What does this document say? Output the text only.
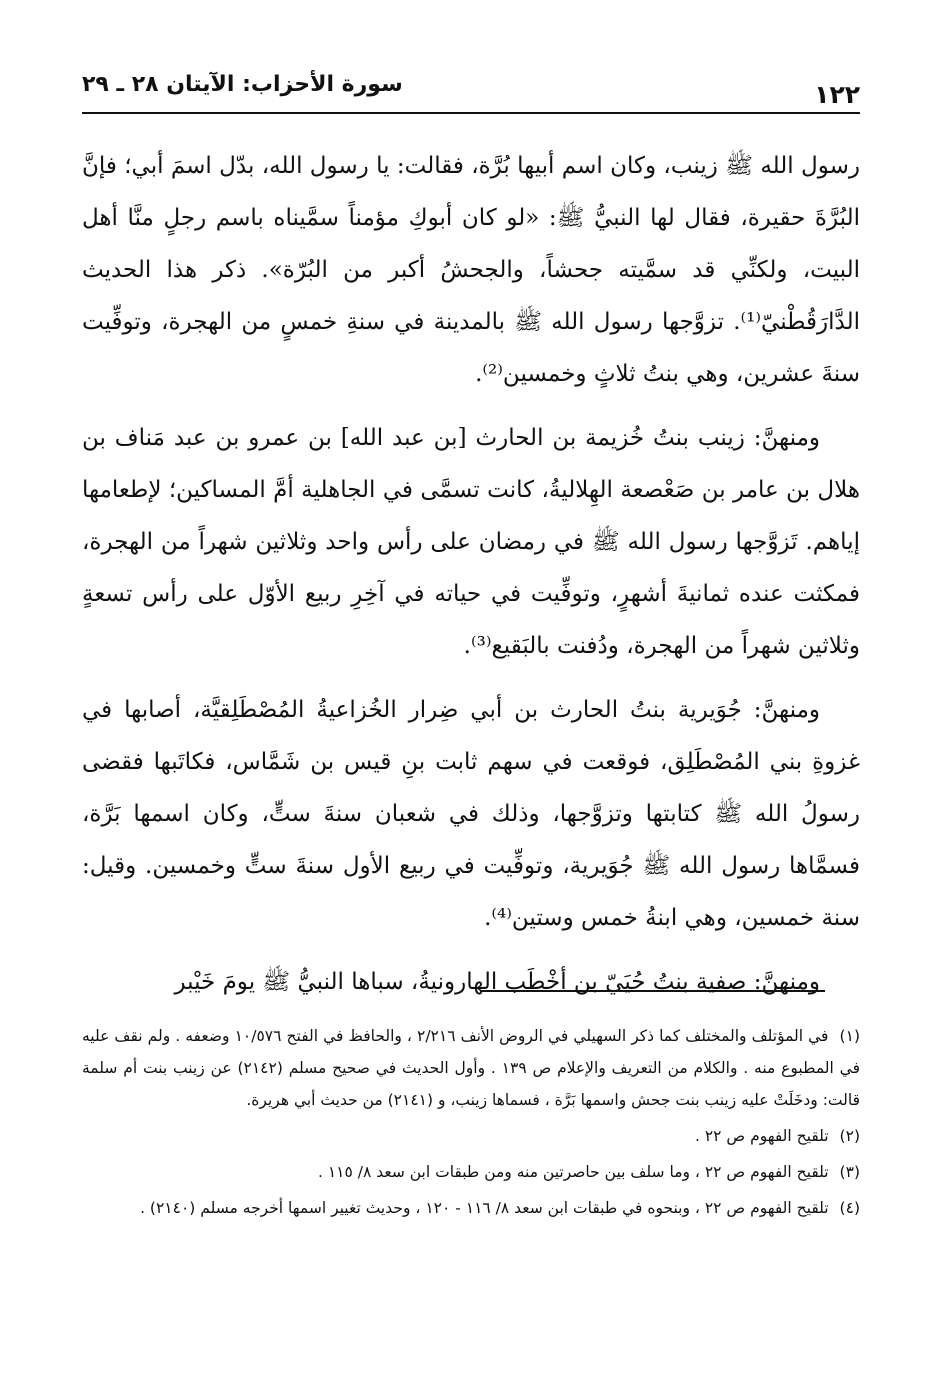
١٢٢
سورة الأحزاب: الآيتان ٢٨ ـ ٢٩

رسول الله ﷺ زينب، وكان اسم أبيها بُرَّة، فقالت: يا رسول الله، بدّل اسمَ أبي؛ فإنَّ البُرَّةَ حقيرة، فقال لها النبيُّ ﷺ: «لو كان أبوكِ مؤمناً سمَّيناه باسم رجلٍ منَّا أهل البيت، ولكنِّي قد سمَّيته جحشاً، والجحشُ أكبر من البُرّة». ذكر هذا الحديث الدَّارَقُطْنيّ⁽¹⁾. تزوَّجها رسول الله ﷺ بالمدينة في سنةِ خمسٍ من الهجرة، وتوفِّيت سنةَ عشرين، وهي بنتُ ثلاثٍ وخمسين⁽²⁾.

ومنهنَّ: زينب بنتُ خُزيمة بن الحارث [بن عبد الله] بن عمرو بن عبد مَناف بن هلال بن عامر بن صَعْصعة الهِلاليةُ، كانت تسمَّى في الجاهلية أمَّ المساكين؛ لإطعامها إياهم. تَزوَّجها رسول الله ﷺ في رمضان على رأس واحد وثلاثين شهراً من الهجرة، فمكثت عنده ثمانيةَ أشهرٍ، وتوفِّيت في حياته في آخِرِ ربيع الأوّل على رأس تسعةٍ وثلاثين شهراً من الهجرة، ودُفنت بالبَقيع⁽³⁾.

ومنهنَّ: جُوَيرية بنتُ الحارث بن أبي ضِرار الخُزاعيةُ المُصْطَلِقيَّة، أصابها في غزوةِ بني المُصْطَلِق، فوقعت في سهم ثابت بنِ قيس بن شَمَّاس، فكاتَبها فقضى رسولُ الله ﷺ كتابتها وتزوَّجها، وذلك في شعبان سنةَ ستٍّ، وكان اسمها بَرَّة، فسمَّاها رسول الله ﷺ جُوَيرية، وتوفِّيت في ربيع الأول سنةَ ستٍّ وخمسين. وقيل: سنة خمسين، وهي ابنةُ خمس وستين⁽⁴⁾.

ومنهنَّ: صفية بنتُ حُيَيّ بن أخْطَب الهارونيةُ، سباها النبيُّ ﷺ يومَ خَيْبر

(١) في المؤتلف والمختلف كما ذكر السهيلي في الروض الأنف ٢/٢١٦ ، والحافظ في الفتح ١٠/٥٧٦ وضعفه . ولم نقف عليه في المطبوع منه . والكلام من التعريف والإعلام ص ١٣٩ . وأول الحديث في صحيح مسلم (٢١٤٢) عن زينب بنت أم سلمة قالت: ودخَلَتْ عليه زينب بنت جحش واسمها بَرَّة ، فسماها زينب، و (٢١٤١) من حديث أبي هريرة.
(٢) تلقيح الفهوم ص ٢٢ .
(٣) تلقيح الفهوم ص ٢٢ ، وما سلف بين حاصرتين منه ومن طبقات ابن سعد ٨/ ١١٥ .
(٤) تلقيح الفهوم ص ٢٢ ، وبنحوه في طبقات ابن سعد ٨/ ١١٦ - ١٢٠ ، وحديث تغيير اسمها أخرجه مسلم (٢١٤٠) .
